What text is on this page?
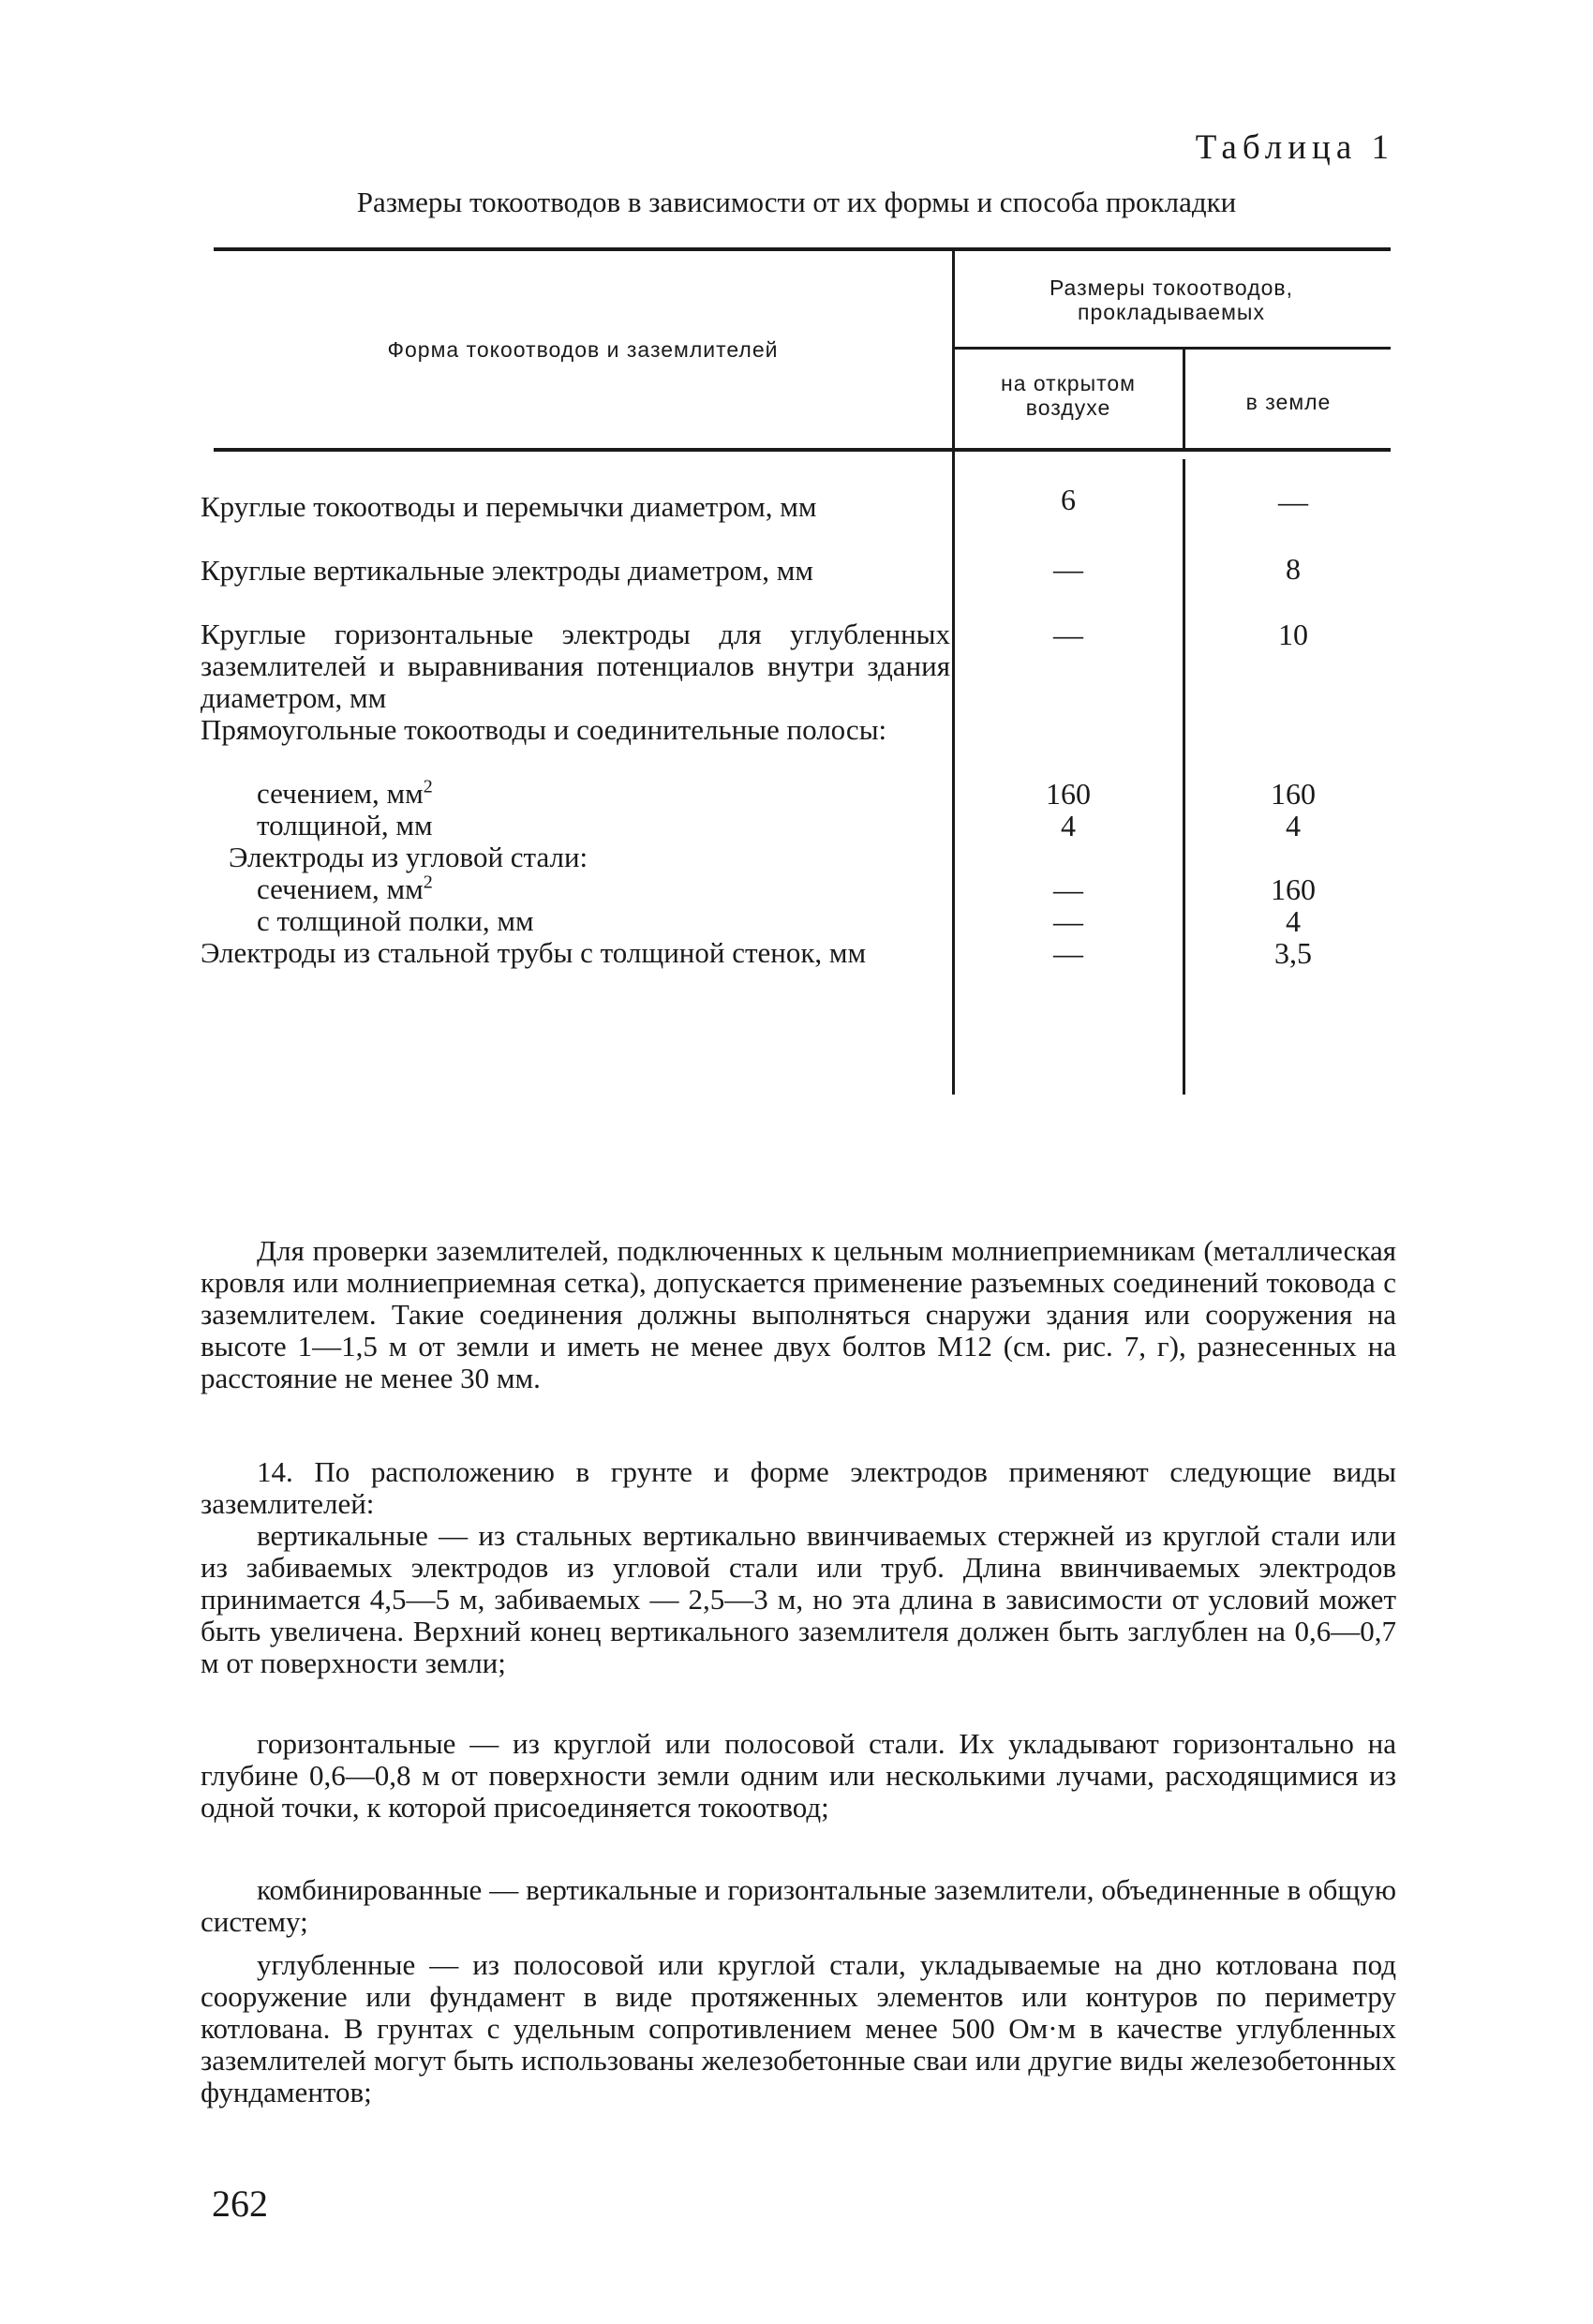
Таблица 1
Размеры токоотводов в зависимости от их формы и способа прокладки
Форма токоотводов и заземлителей
Размеры токоотводов, прокладываемых
на открытом воздухе	в земле
Круглые токоотводы и перемычки диаметром, мм
Круглые вертикальные электроды диаметром, мм
Круглые горизонтальные электроды для углубленных заземлителей и выравнивания потенциалов внутри здания диаметром, мм
Прямоугольные токоотводы и соединительные полосы:
сечением, $мм^2$
толщиной, мм
Электроды из угловой стали:
сечением, $мм^2$
с толщиной полки, мм
Электроды из стальной трубы с толщиной стенок, мм
6
—
—
160
4
—
—
—
—
8
10
160
4
160
4
3,5
Для проверки заземлителей, подключенных к цельным молниеприемникам (металлическая кровля или молниеприемная сетка), допускается применение разъемных соединений токовода с заземлителем. Такие соединения должны выполняться снаружи здания или сооружения на высоте 1—1,5 м от земли и иметь не менее двух болтов М12 (см. рис. 7, г), разнесенных на расстояние не менее 30 мм.
14. По расположению в грунте и форме электродов применяют следующие виды заземлителей:
вертикальные — из стальных вертикально ввинчиваемых стержней из круглой стали или из забиваемых электродов из угловой стали или труб. Длина ввинчиваемых электродов принимается 4,5—5 м, забиваемых — 2,5—3 м, но эта длина в зависимости от условий может быть увеличена. Верхний конец вертикального заземлителя должен быть заглублен на 0,6—0,7 м от поверхности земли;
горизонтальные — из круглой или полосовой стали. Их укладывают горизонтально на глубине 0,6—0,8 м от поверхности земли одним или несколькими лучами, расходящимися из одной точки, к которой присоединяется токоотвод;
комбинированные — вертикальные и горизонтальные заземлители, объединенные в общую систему;
углубленные — из полосовой или круглой стали, укладываемые на дно котлована под сооружение или фундамент в виде протяженных элементов или контуров по периметру котлована. В грунтах с удельным сопротивлением менее 500 Ом·м в качестве углубленных заземлителей могут быть использованы железобетонные сваи или другие виды железобетонных фундаментов;
262
